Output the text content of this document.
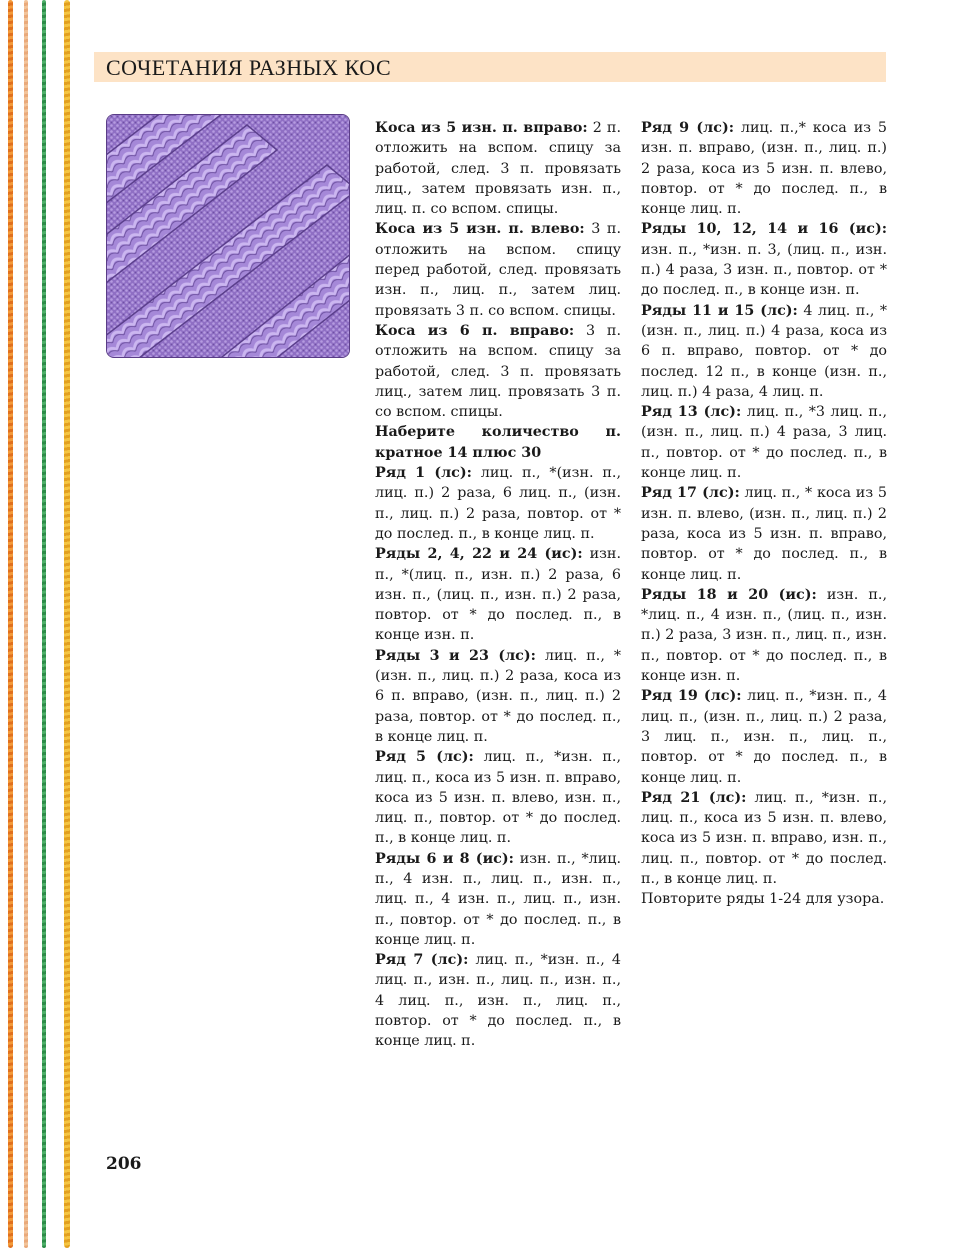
СОЧЕТАНИЯ РАЗНЫХ КОС

Коса из 5 изн. п. вправо: 2 п. отложить на вспом. спицу за работой, след. 3 п. провязать лиц., затем провязать изн. п., лиц. п. со вспом. спицы.

Коса из 5 изн. п. влево: 3 п. отложить на вспом. спицу перед работой, след. провязать изн. п., лиц. п., затем лиц. провязать 3 п. со вспом. спицы.

Коса из 6 п. вправо: 3 п. отложить на вспом. спицу за работой, след. 3 п. провязать лиц., затем лиц. провязать 3 п. со вспом. спицы.

Наберите количество п. кратное 14 плюс 30

Ряд 1 (лс): лиц. п., *(изн. п., лиц. п.) 2 раза, 6 лиц. п., (изн. п., лиц. п.) 2 раза, повтор. от * до послед. п., в конце лиц. п.

Ряды 2, 4, 22 и 24 (ис): изн. п., *(лиц. п., изн. п.) 2 раза, 6 изн. п., (лиц. п., изн. п.) 2 раза, повтор. от * до послед. п., в конце изн. п.

Ряды 3 и 23 (лс): лиц. п., *(изн. п., лиц. п.) 2 раза, коса из 6 п. вправо, (изн. п., лиц. п.) 2 раза, повтор. от * до послед. п., в конце лиц. п.

Ряд 5 (лс): лиц. п., *изн. п., лиц. п., коса из 5 изн. п. вправо, коса из 5 изн. п. влево, изн. п., лиц. п., повтор. от * до послед. п., в конце лиц. п.

Ряды 6 и 8 (ис): изн. п., *лиц. п., 4 изн. п., лиц. п., изн. п., лиц. п., 4 изн. п., лиц. п., изн. п., повтор. от * до послед. п., в конце лиц. п.

Ряд 7 (лс): лиц. п., *изн. п., 4 лиц. п., изн. п., лиц. п., изн. п., 4 лиц. п., изн. п., лиц. п., повтор. от * до послед. п., в конце лиц. п.

Ряд 9 (лс): лиц. п.,* коса из 5 изн. п. вправо, (изн. п., лиц. п.) 2 раза, коса из 5 изн. п. влево, повтор. от * до послед. п., в конце лиц. п.

Ряды 10, 12, 14 и 16 (ис): изн. п., *изн. п. 3, (лиц. п., изн. п.) 4 раза, 3 изн. п., повтор. от * до послед. п., в конце изн. п.

Ряды 11 и 15 (лс): 4 лиц. п., *(изн. п., лиц. п.) 4 раза, коса из 6 п. вправо, повтор. от * до послед. 12 п., в конце (изн. п., лиц. п.) 4 раза, 4 лиц. п.

Ряд 13 (лс): лиц. п., *3 лиц. п., (изн. п., лиц. п.) 4 раза, 3 лиц. п., повтор. от * до послед. п., в конце лиц. п.

Ряд 17 (лс): лиц. п., * коса из 5 изн. п. влево, (изн. п., лиц. п.) 2 раза, коса из 5 изн. п. вправо, повтор. от * до послед. п., в конце лиц. п.

Ряды 18 и 20 (ис): изн. п., *лиц. п., 4 изн. п., (лиц. п., изн. п.) 2 раза, 3 изн. п., лиц. п., изн. п., повтор. от * до послед. п., в конце изн. п.

Ряд 19 (лс): лиц. п., *изн. п., 4 лиц. п., (изн. п., лиц. п.) 2 раза, 3 лиц. п., изн. п., лиц. п., повтор. от * до послед. п., в конце лиц. п.

Ряд 21 (лс): лиц. п., *изн. п., лиц. п., коса из 5 изн. п. влево, коса из 5 изн. п. вправо, изн. п., лиц. п., повтор. от * до послед. п., в конце лиц. п.

Повторите ряды 1-24 для узора.

206
